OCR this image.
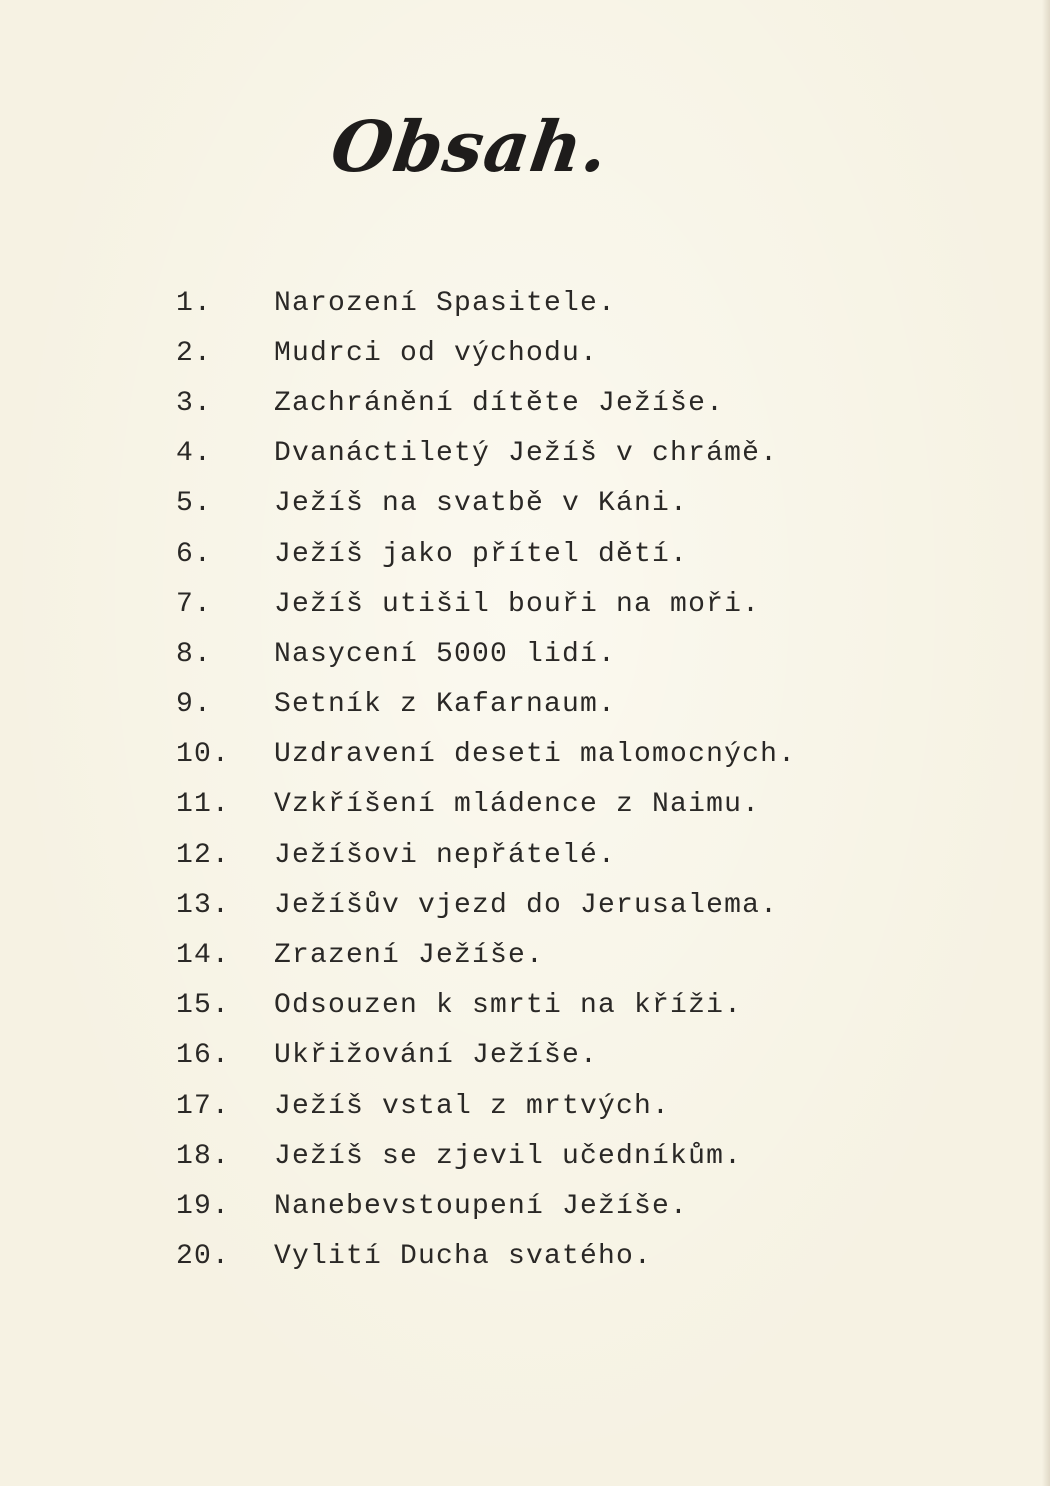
Obsah.
1.	Narození Spasitele.
2.	Mudrci od východu.
3.	Zachránění dítěte Ježíše.
4.	Dvanáctiletý Ježíš v chrámě.
5.	Ježíš na svatbě v Káni.
6.	Ježíš jako přítel dětí.
7.	Ježíš utišil bouři na moři.
8.	Nasycení 5000 lidí.
9.	Setník z Kafarnaum.
10.	Uzdravení deseti malomocných.
11.	Vzkříšení mládence z Naimu.
12.	Ježíšovi nepřátelé.
13.	Ježíšův vjezd do Jerusalema.
14.	Zrazení Ježíše.
15.	Odsouzen k smrti na kříži.
16.	Ukřižování Ježíše.
17.	Ježíš vstal z mrtvých.
18.	Ježíš se zjevil učedníkům.
19.	Nanebevstoupení Ježíše.
20.	Vylití Ducha svatého.
